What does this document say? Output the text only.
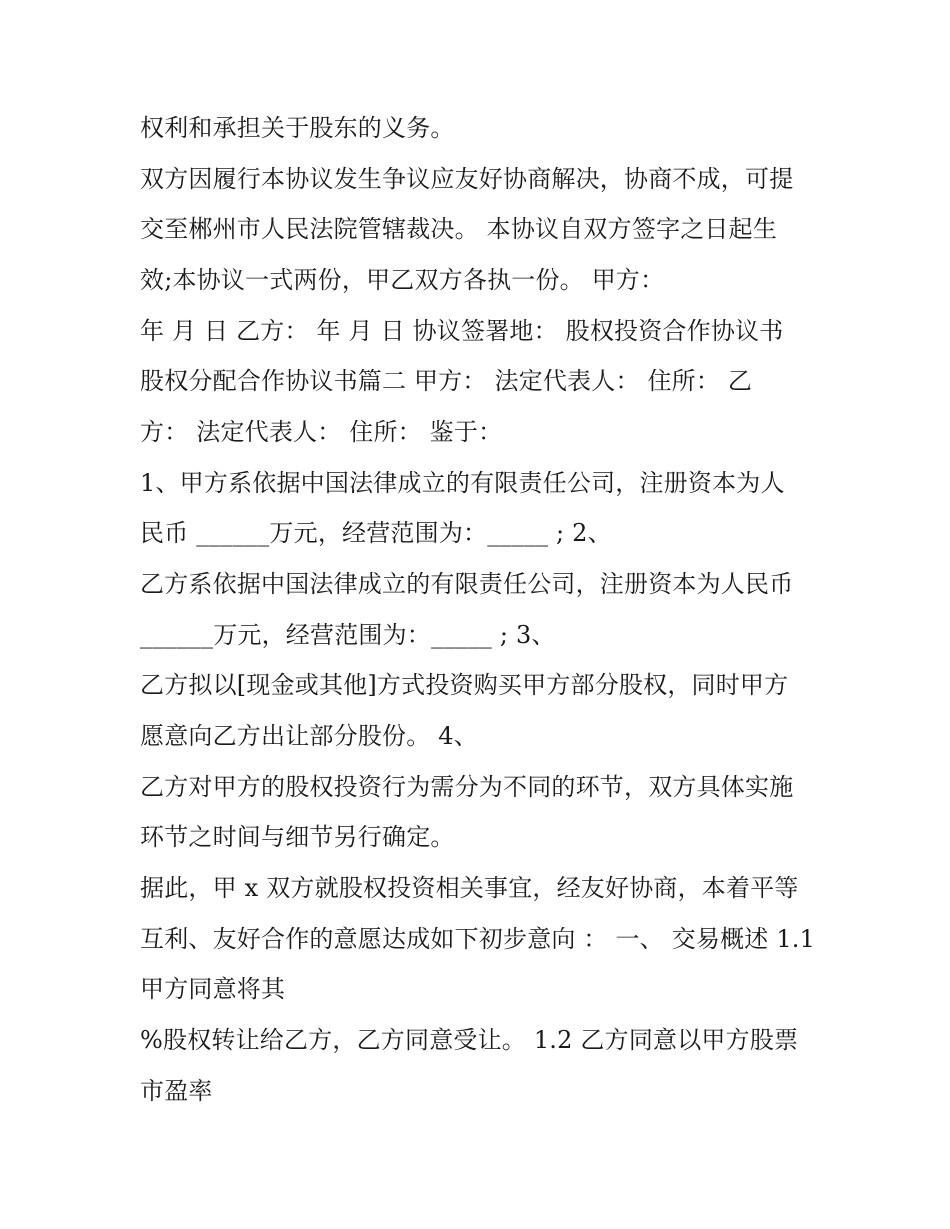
权利和承担关于股东的义务。
双方因履行本协议发生争议应友好协商解决，协商不成，可提
交至郴州市人民法院管辖裁决。 本协议自双方签字之日起生
效;本协议一式两份，甲乙双方各执一份。 甲方：
年 月 日 乙方： 年 月 日 协议签署地： 股权投资合作协议书
股权分配合作协议书篇二 甲方： 法定代表人： 住所： 乙
方： 法定代表人： 住所： 鉴于：
1、甲方系依据中国法律成立的有限责任公司，注册资本为人
民币 ______万元，经营范围为：_____ ; 2、
乙方系依据中国法律成立的有限责任公司，注册资本为人民币
______万元，经营范围为：_____ ; 3、
乙方拟以[现金或其他]方式投资购买甲方部分股权，同时甲方
愿意向乙方出让部分股份。 4、
乙方对甲方的股权投资行为需分为不同的环节，双方具体实施
环节之时间与细节另行确定。
据此，甲 x 双方就股权投资相关事宜，经友好协商，本着平等
互利、友好合作的意愿达成如下初步意向 ： 一、 交易概述 1.1
甲方同意将其
%股权转让给乙方，乙方同意受让。 1.2 乙方同意以甲方股票
市盈率
